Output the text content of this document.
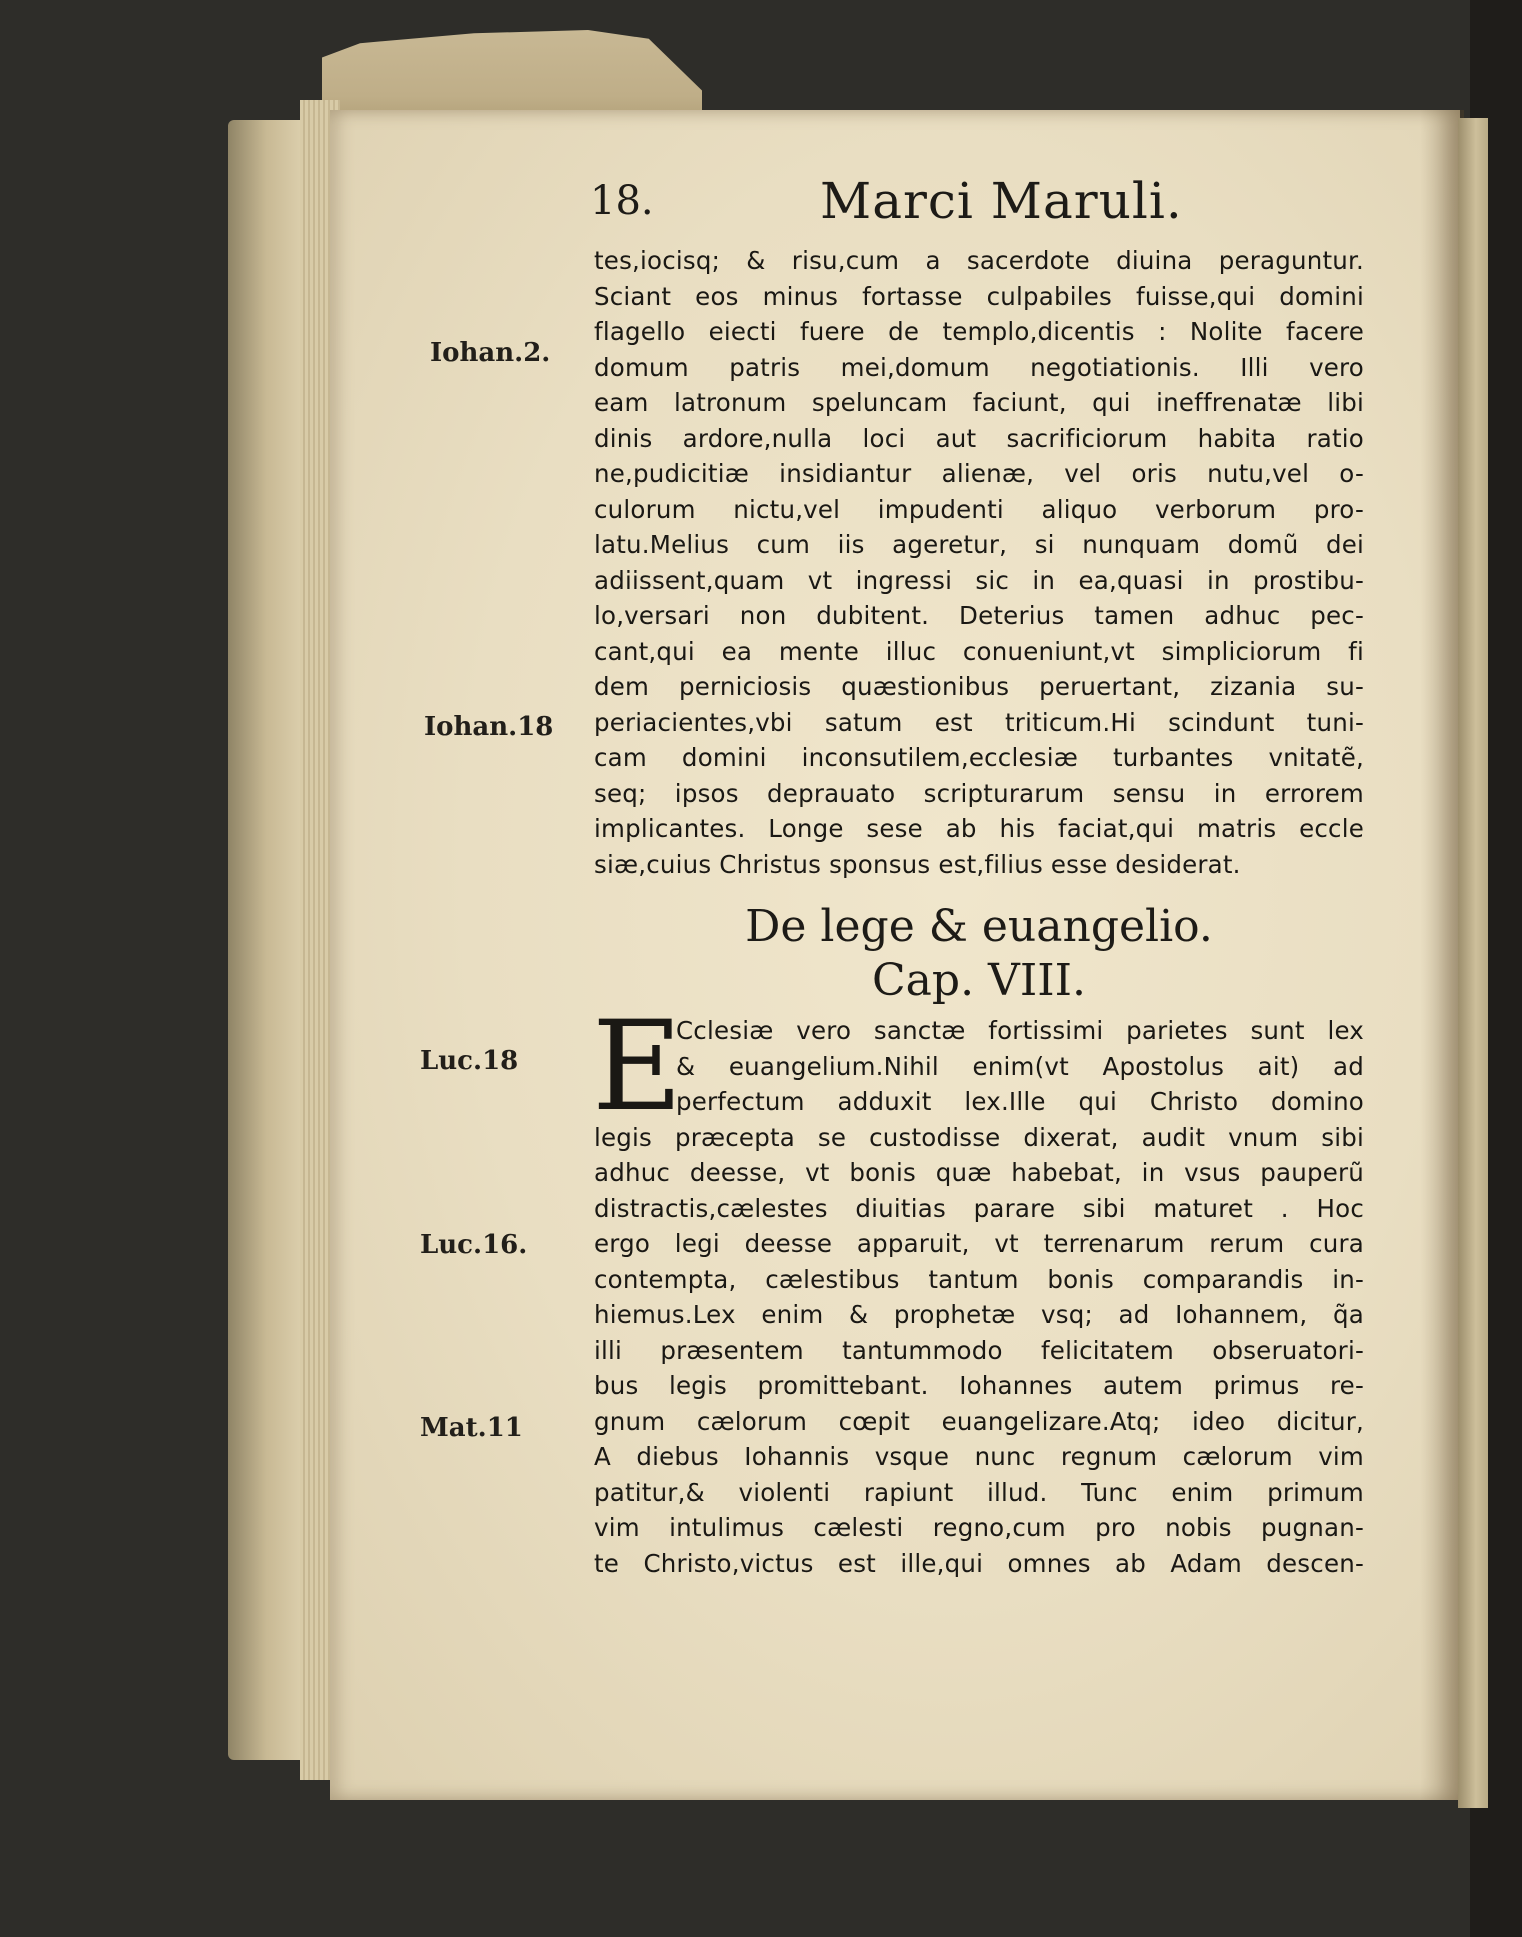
18.	Marci Maruli.
Iohan.2.
Iohan.18
Luc.18
Luc.16.
Mat.11
tes,iocisq; & risu,cum a sacerdote diuina peraguntur.
Sciant eos minus fortasse culpabiles fuisse,qui domini
flagello eiecti fuere de templo,dicentis : Nolite facere
domum patris mei,domum negotiationis. Illi vero
eam latronum speluncam faciunt, qui ineffrenatæ libi
dinis ardore,nulla loci aut sacrificiorum habita ratio
ne,pudicitiæ insidiantur alienæ, vel oris nutu,vel o-
culorum nictu,vel impudenti aliquo verborum pro-
latu.Melius cum iis ageretur, si nunquam domũ dei
adiissent,quam vt ingressi sic in ea,quasi in prostibu-
lo,versari non dubitent. Deterius tamen adhuc pec-
cant,qui ea mente illuc conueniunt,vt simpliciorum fi
dem perniciosis quæstionibus peruertant, zizania su-
periacientes,vbi satum est triticum.Hi scindunt tuni-
cam domini inconsutilem,ecclesiæ turbantes vnitatẽ,
seq; ipsos deprauato scripturarum sensu in errorem
implicantes. Longe sese ab his faciat,qui matris eccle
siæ,cuius Christus sponsus est,filius esse desiderat.
De lege & euangelio.
Cap. VIII.
E
Cclesiæ vero sanctæ fortissimi parietes sunt lex
& euangelium.Nihil enim(vt Apostolus ait) ad
perfectum adduxit lex.Ille qui Christo domino
legis præcepta se custodisse dixerat, audit vnum sibi
adhuc deesse, vt bonis quæ habebat, in vsus pauperũ
distractis,cælestes diuitias parare sibi maturet . Hoc
ergo legi deesse apparuit, vt terrenarum rerum cura
contempta, cælestibus tantum bonis comparandis in-
hiemus.Lex enim & prophetæ vsq; ad Iohannem, q̃a
illi præsentem tantummodo felicitatem obseruatori-
bus legis promittebant. Iohannes autem primus re-
gnum cælorum cœpit euangelizare.Atq; ideo dicitur,
A diebus Iohannis vsque nunc regnum cælorum vim
patitur,& violenti rapiunt illud. Tunc enim primum
vim intulimus cælesti regno,cum pro nobis pugnan-
te Christo,victus est ille,qui omnes ab Adam descen-
